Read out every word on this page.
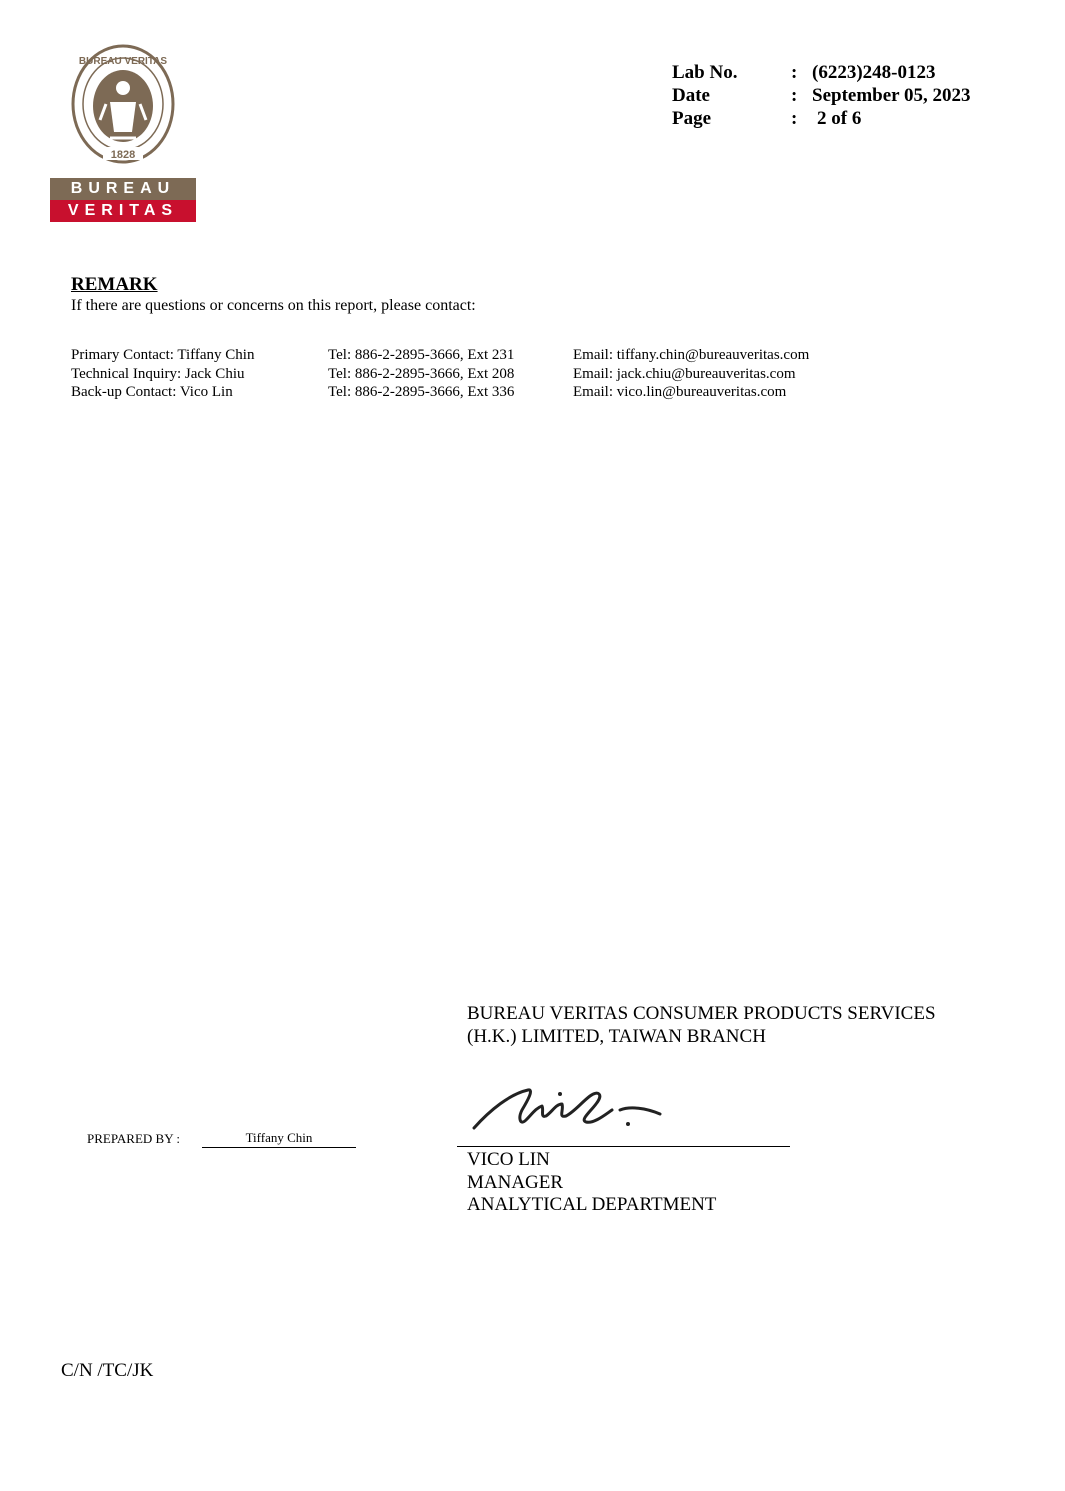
BUREAU VERITAS
1828
BUREAU
VERITAS
Lab No.	: (6223)248-0123
Date	: September 05, 2023
Page	: 2 of 6
REMARK
If there are questions or concerns on this report, please contact:
Primary Contact: Tiffany Chin	Tel: 886-2-2895-3666, Ext 231	Email: tiffany.chin@bureauveritas.com
Technical Inquiry: Jack Chiu	Tel: 886-2-2895-3666, Ext 208	Email: jack.chiu@bureauveritas.com
Back-up Contact: Vico Lin	Tel: 886-2-2895-3666, Ext 336	Email: vico.lin@bureauveritas.com
BUREAU VERITAS CONSUMER PRODUCTS SERVICES
(H.K.) LIMITED, TAIWAN BRANCH
VICO LIN
MANAGER
ANALYTICAL DEPARTMENT
PREPARED BY :	Tiffany Chin
C/N /TC/JK
